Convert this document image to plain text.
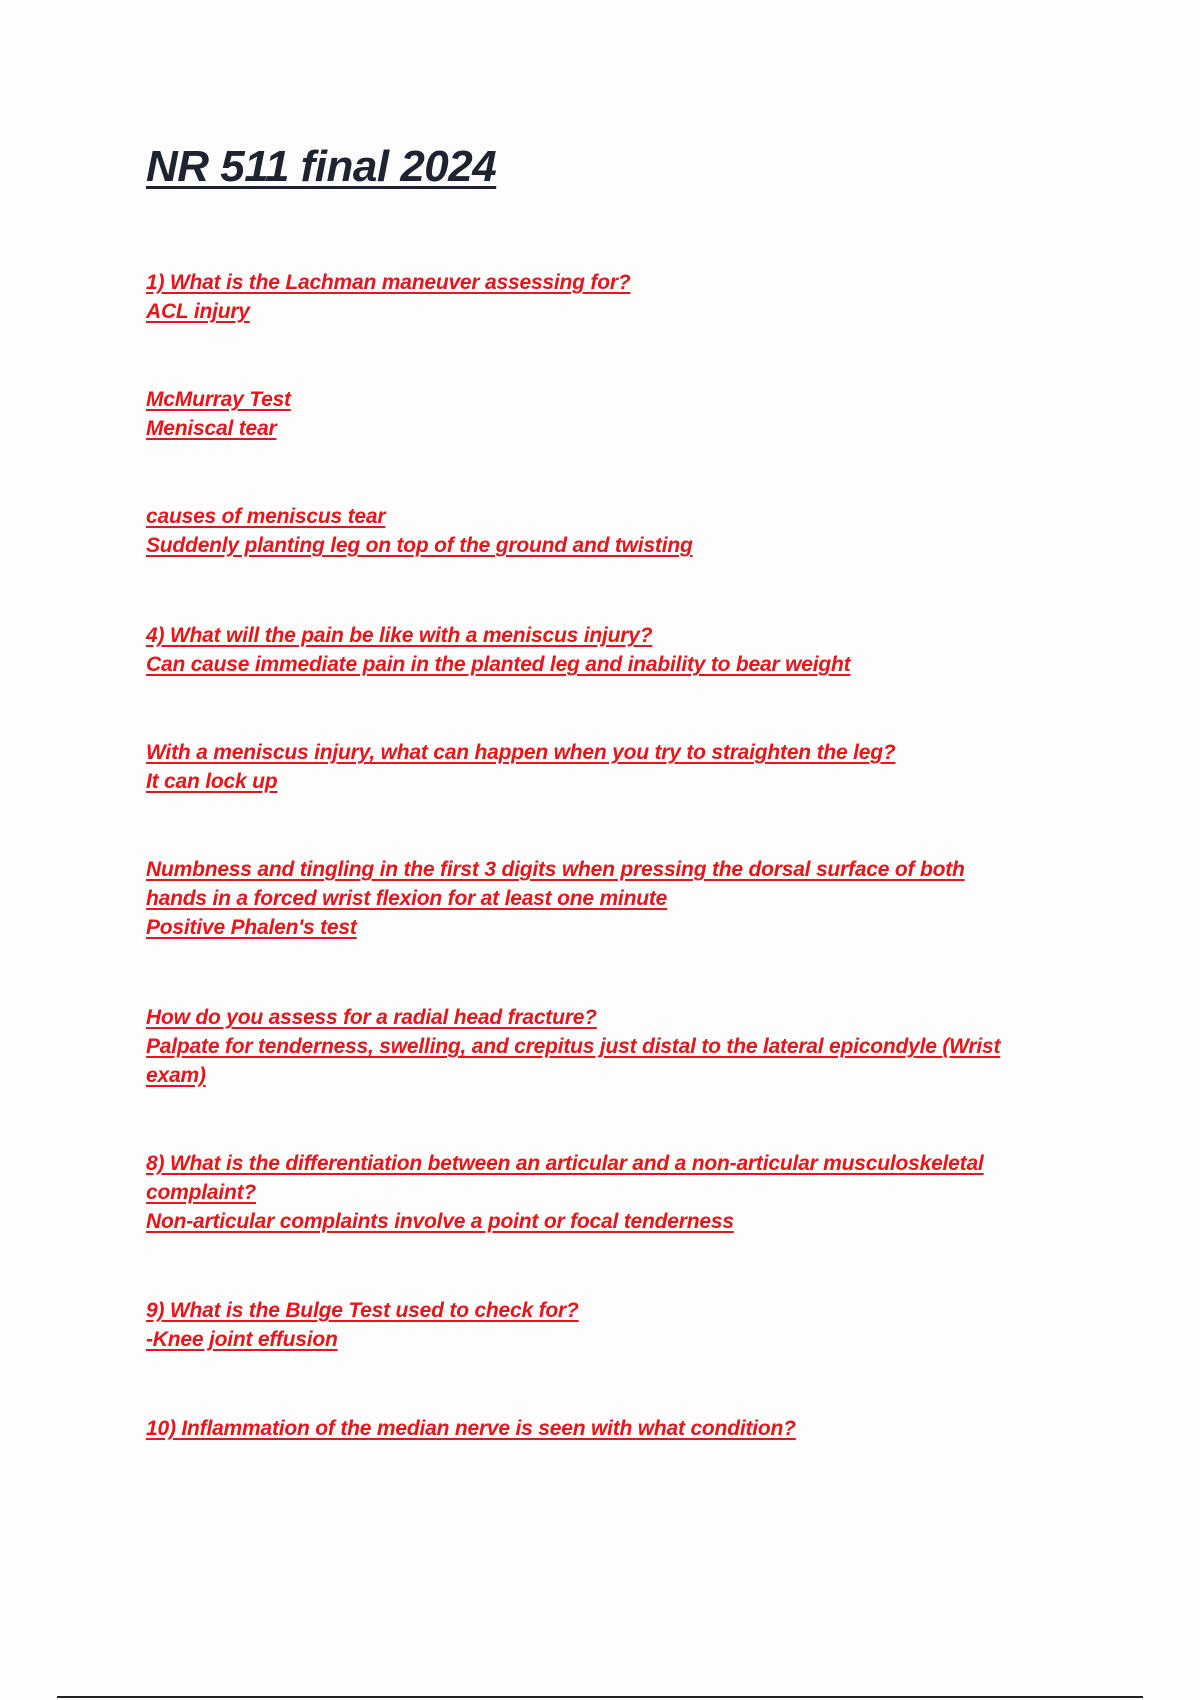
NR 511 final 2024
1) What is the Lachman maneuver assessing for?
ACL injury
McMurray Test
Meniscal tear
causes of meniscus tear
Suddenly planting leg on top of the ground and twisting
4) What will the pain be like with a meniscus injury?
Can cause immediate pain in the planted leg and inability to bear weight
With a meniscus injury, what can happen when you try to straighten the leg?
It can lock up
Numbness and tingling in the first 3 digits when pressing the dorsal surface of both
hands in a forced wrist flexion for at least one minute
Positive Phalen's test
How do you assess for a radial head fracture?
Palpate for tenderness, swelling, and crepitus just distal to the lateral epicondyle (Wrist
exam)
8) What is the differentiation between an articular and a non-articular musculoskeletal
complaint?
Non-articular complaints involve a point or focal tenderness
9) What is the Bulge Test used to check for?
-Knee joint effusion
10) Inflammation of the median nerve is seen with what condition?
